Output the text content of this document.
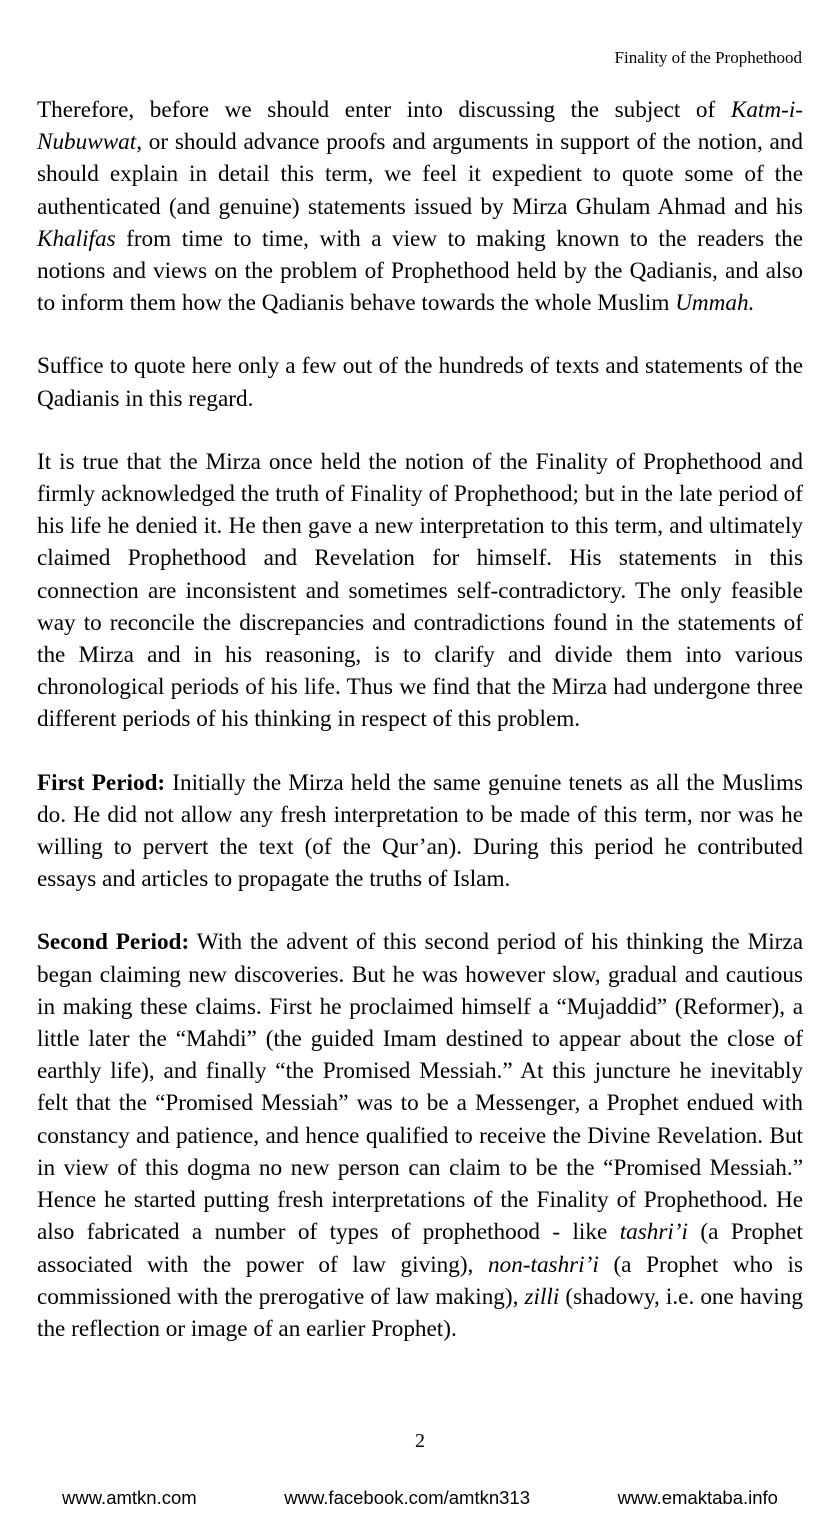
Finality of the Prophethood

Therefore, before we should enter into discussing the subject of Katm-i-Nubuwwat, or should advance proofs and arguments in support of the notion, and should explain in detail this term, we feel it expedient to quote some of the authenticated (and genuine) statements issued by Mirza Ghulam Ahmad and his Khalifas from time to time, with a view to making known to the readers the notions and views on the problem of Prophethood held by the Qadianis, and also to inform them how the Qadianis behave towards the whole Muslim Ummah.

Suffice to quote here only a few out of the hundreds of texts and statements of the Qadianis in this regard.

It is true that the Mirza once held the notion of the Finality of Prophethood and firmly acknowledged the truth of Finality of Prophethood; but in the late period of his life he denied it. He then gave a new interpretation to this term, and ultimately claimed Prophethood and Revelation for himself. His statements in this connection are inconsistent and sometimes self-contradictory. The only feasible way to reconcile the discrepancies and contradictions found in the statements of the Mirza and in his reasoning, is to clarify and divide them into various chronological periods of his life. Thus we find that the Mirza had undergone three different periods of his thinking in respect of this problem.

First Period: Initially the Mirza held the same genuine tenets as all the Muslims do. He did not allow any fresh interpretation to be made of this term, nor was he willing to pervert the text (of the Qur’an). During this period he contributed essays and articles to propagate the truths of Islam.

Second Period: With the advent of this second period of his thinking the Mirza began claiming new discoveries. But he was however slow, gradual and cautious in making these claims. First he proclaimed himself a “Mujaddid” (Reformer), a little later the “Mahdi” (the guided Imam destined to appear about the close of earthly life), and finally “the Promised Messiah.” At this juncture he inevitably felt that the “Promised Messiah” was to be a Messenger, a Prophet endued with constancy and patience, and hence qualified to receive the Divine Revelation. But in view of this dogma no new person can claim to be the “Promised Messiah.” Hence he started putting fresh interpretations of the Finality of Prophethood. He also fabricated a number of types of prophethood - like tashri’i (a Prophet associated with the power of law giving), non-tashri’i (a Prophet who is commissioned with the prerogative of law making), zilli (shadowy, i.e. one having the reflection or image of an earlier Prophet).

2
www.amtkn.com	www.facebook.com/amtkn313	www.emaktaba.info
